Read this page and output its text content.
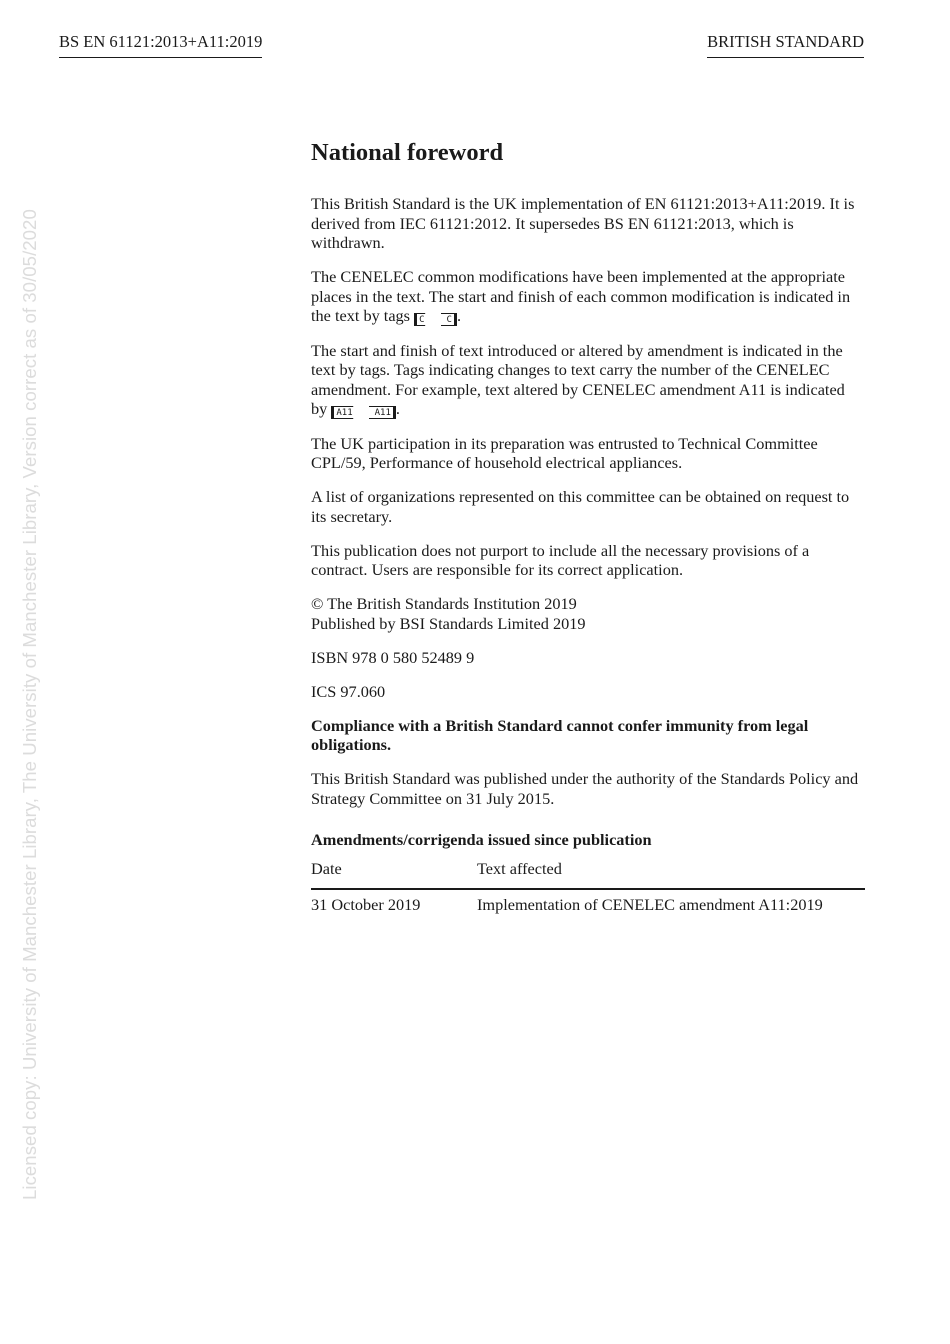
BS EN 61121:2013+A11:2019	BRITISH STANDARD
Licensed copy: University of Manchester Library, The University of Manchester Library, Version correct as of 30/05/2020
National foreword

This British Standard is the UK implementation of EN 61121:2013+A11:2019. It is derived from IEC 61121:2012. It supersedes BS EN 61121:2013, which is withdrawn.

The CENELEC common modifications have been implemented at the appropriate places in the text. The start and finish of each common modification is indicated in the text by tags C C .

The start and finish of text introduced or altered by amendment is indicated in the text by tags. Tags indicating changes to text carry the number of the CENELEC amendment. For example, text altered by CENELEC amendment A11 is indicated by A11 A11 .

The UK participation in its preparation was entrusted to Technical Committee CPL/59, Performance of household electrical appliances.

A list of organizations represented on this committee can be obtained on request to its secretary.

This publication does not purport to include all the necessary provisions of a contract. Users are responsible for its correct application.

© The British Standards Institution 2019
Published by BSI Standards Limited 2019

ISBN 978 0 580 52489 9

ICS 97.060

Compliance with a British Standard cannot confer immunity from legal obligations.

This British Standard was published under the authority of the Standards Policy and Strategy Committee on 31 July 2015.

Amendments/corrigenda issued since publication
Date	Text affected
31 October 2019	Implementation of CENELEC amendment A11:2019
